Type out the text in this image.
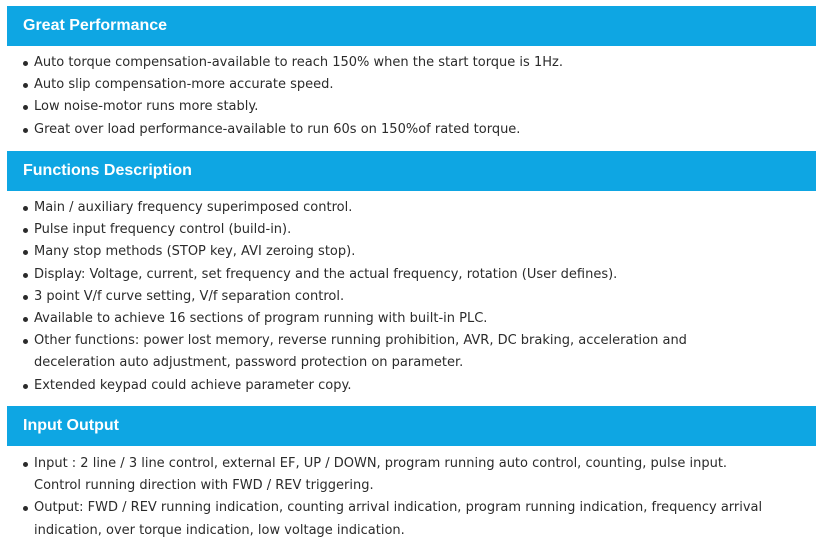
Great Performance
Auto torque compensation-available to reach 150% when the start torque is 1Hz.
Auto slip compensation-more accurate speed.
Low noise-motor runs more stably.
Great over load performance-available to run 60s on 150%of rated torque.
Functions Description
Main / auxiliary frequency superimposed control.
Pulse input frequency control (build-in).
Many stop methods (STOP key, AVI zeroing stop).
Display: Voltage, current, set frequency and the actual frequency, rotation (User defines).
3 point V/f curve setting, V/f separation control.
Available to achieve 16 sections of program running with built-in PLC.
Other functions: power lost memory, reverse running prohibition, AVR, DC braking, acceleration and deceleration auto adjustment, password protection on parameter.
Extended keypad could achieve parameter copy.
Input Output
Input : 2 line / 3 line control, external EF, UP / DOWN, program running auto control, counting, pulse input. Control running direction with FWD / REV triggering.
Output: FWD / REV running indication, counting arrival indication, program running indication, frequency arrival indication, over torque indication, low voltage indication.
